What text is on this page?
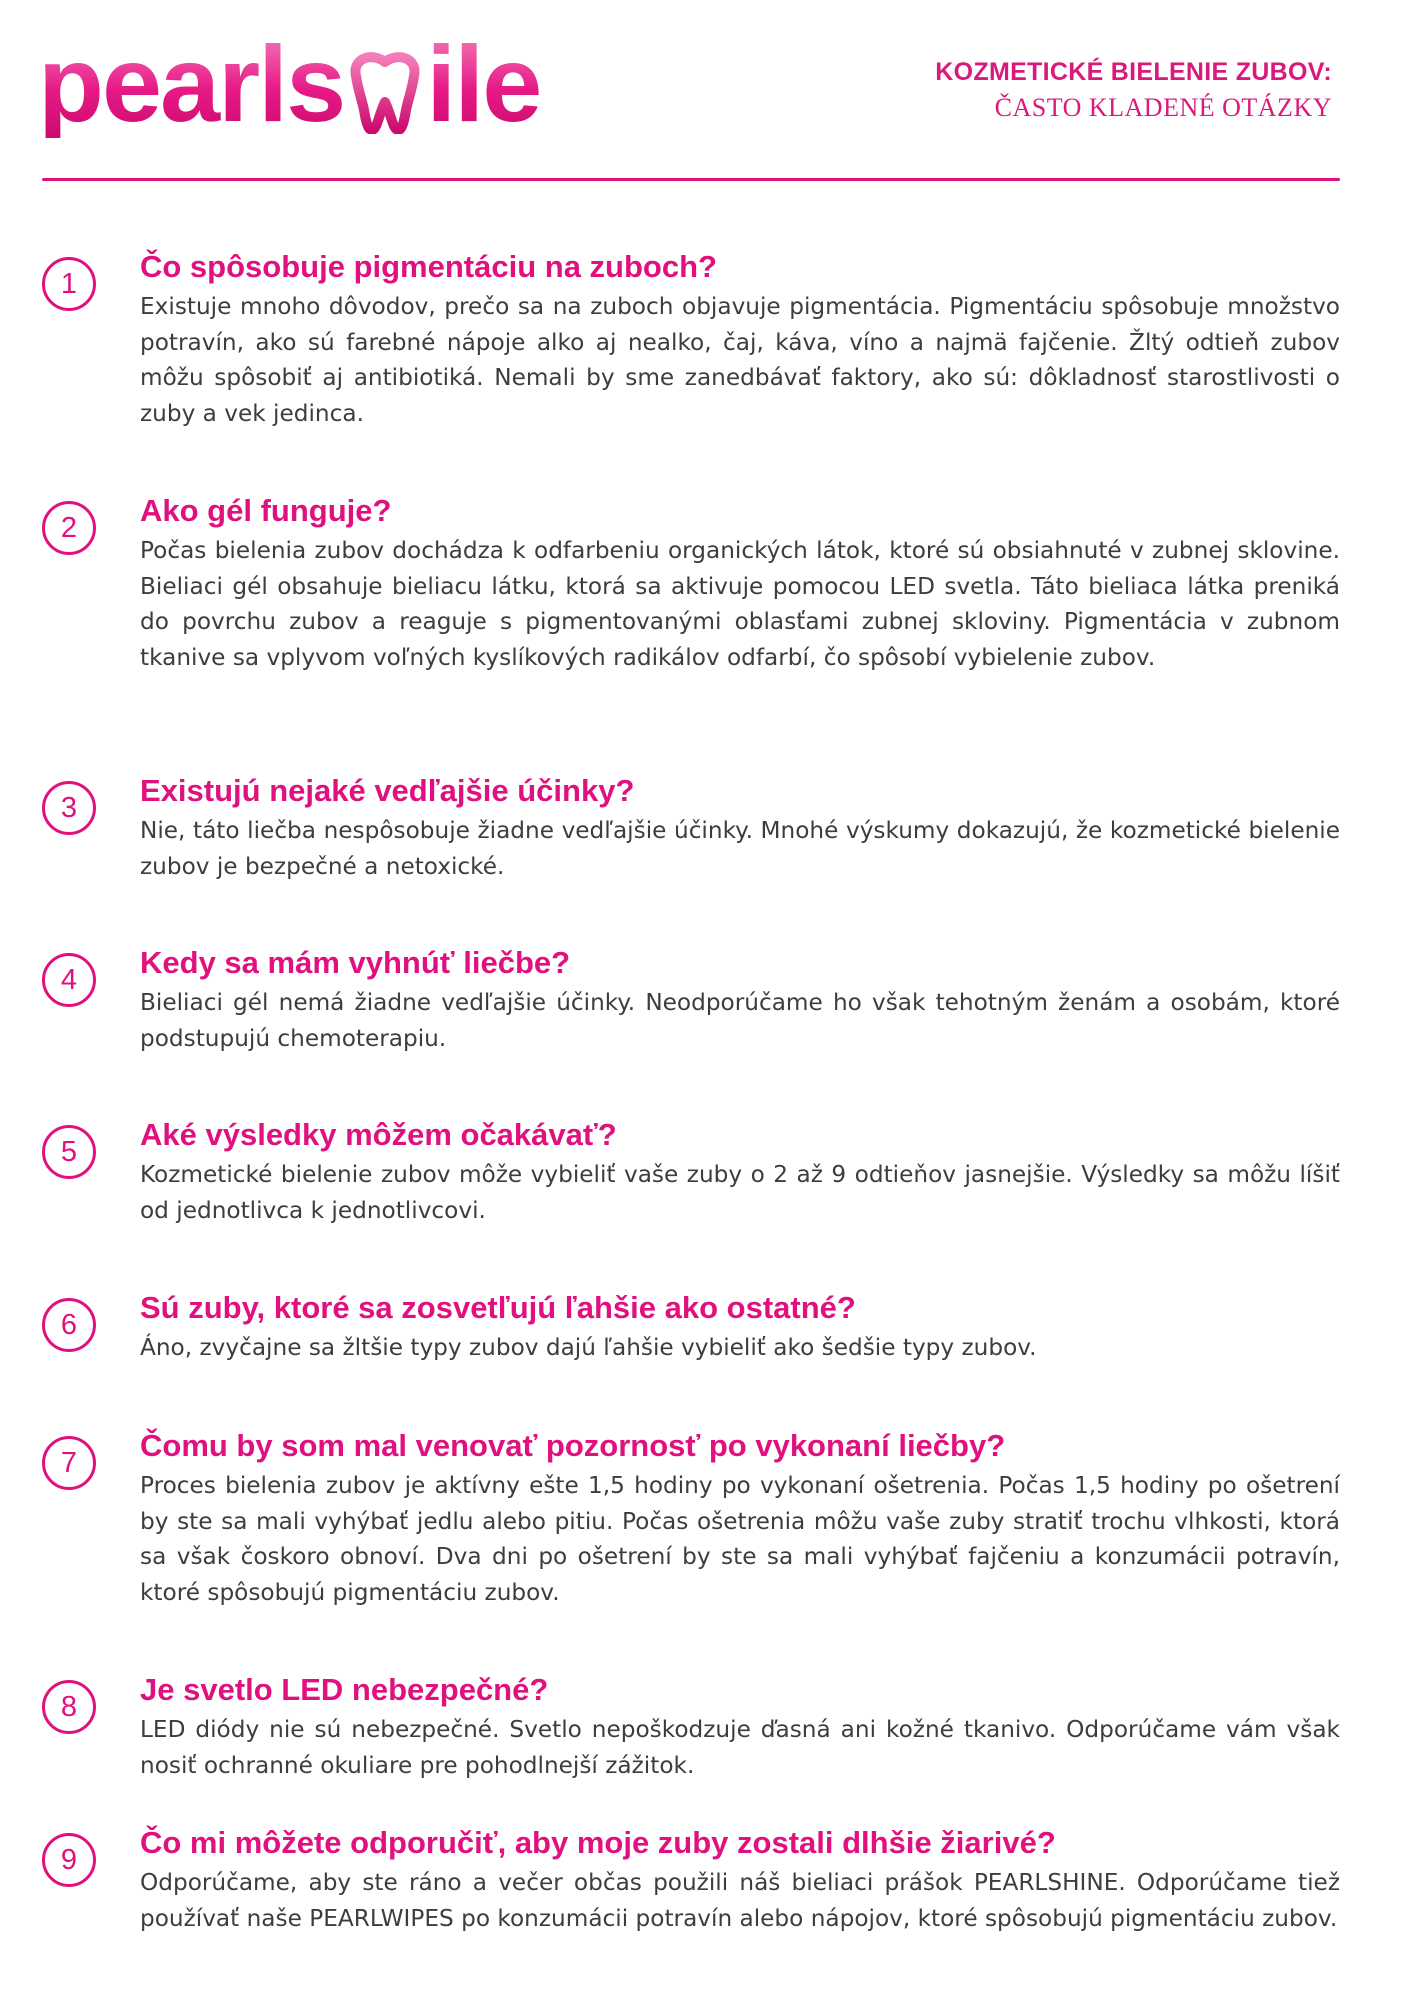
pearls ile	KOZMETICKÉ BIELENIE ZUBOV:
ČASTO KLADENÉ OTÁZKY
1	Čo spôsobuje pigmentáciu na zuboch?
Existuje mnoho dôvodov, prečo sa na zuboch objavuje pigmentácia. Pigmentáciu spôsobuje množstvo potravín, ako sú farebné nápoje alko aj nealko, čaj, káva, víno a najmä fajčenie. Žltý odtieň zubov môžu spôsobiť aj antibiotiká. Nemali by sme zanedbávať faktory, ako sú: dôkladnosť starostlivosti o zuby a vek jedinca.
2	Ako gél funguje?
Počas bielenia zubov dochádza k odfarbeniu organických látok, ktoré sú obsiahnuté v zubnej sklovine. Bieliaci gél obsahuje bieliacu látku, ktorá sa aktivuje pomocou LED svetla. Táto bieliaca látka preniká do povrchu zubov a reaguje s pigmentovanými oblasťami zubnej skloviny. Pigmentácia v zubnom tkanive sa vplyvom voľných kyslíkových radikálov odfarbí, čo spôsobí vybielenie zubov.
3	Existujú nejaké vedľajšie účinky?
Nie, táto liečba nespôsobuje žiadne vedľajšie účinky. Mnohé výskumy dokazujú, že kozmetické bielenie zubov je bezpečné a netoxické.
4	Kedy sa mám vyhnúť liečbe?
Bieliaci gél nemá žiadne vedľajšie účinky. Neodporúčame ho však tehotným ženám a osobám, ktoré podstupujú chemoterapiu.
5	Aké výsledky môžem očakávať?
Kozmetické bielenie zubov môže vybieliť vaše zuby o 2 až 9 odtieňov jasnejšie. Výsledky sa môžu líšiť od jednotlivca k jednotlivcovi.
6	Sú zuby, ktoré sa zosvetľujú ľahšie ako ostatné?
Áno, zvyčajne sa žltšie typy zubov dajú ľahšie vybieliť ako šedšie typy zubov.
7	Čomu by som mal venovať pozornosť po vykonaní liečby?
Proces bielenia zubov je aktívny ešte 1,5 hodiny po vykonaní ošetrenia. Počas 1,5 hodiny po ošetrení by ste sa mali vyhýbať jedlu alebo pitiu. Počas ošetrenia môžu vaše zuby stratiť trochu vlhkosti, ktorá sa však čoskoro obnoví. Dva dni po ošetrení by ste sa mali vyhýbať fajčeniu a konzumácii potravín, ktoré spôsobujú pigmentáciu zubov.
8	Je svetlo LED nebezpečné?
LED diódy nie sú nebezpečné. Svetlo nepoškodzuje ďasná ani kožné tkanivo. Odporúčame vám však nosiť ochranné okuliare pre pohodlnejší zážitok.
9	Čo mi môžete odporučiť, aby moje zuby zostali dlhšie žiarivé?
Odporúčame, aby ste ráno a večer občas použili náš bieliaci prášok PEARLSHINE. Odporúčame tiež používať naše PEARLWIPES po konzumácii potravín alebo nápojov, ktoré spôsobujú pigmentáciu zubov.
